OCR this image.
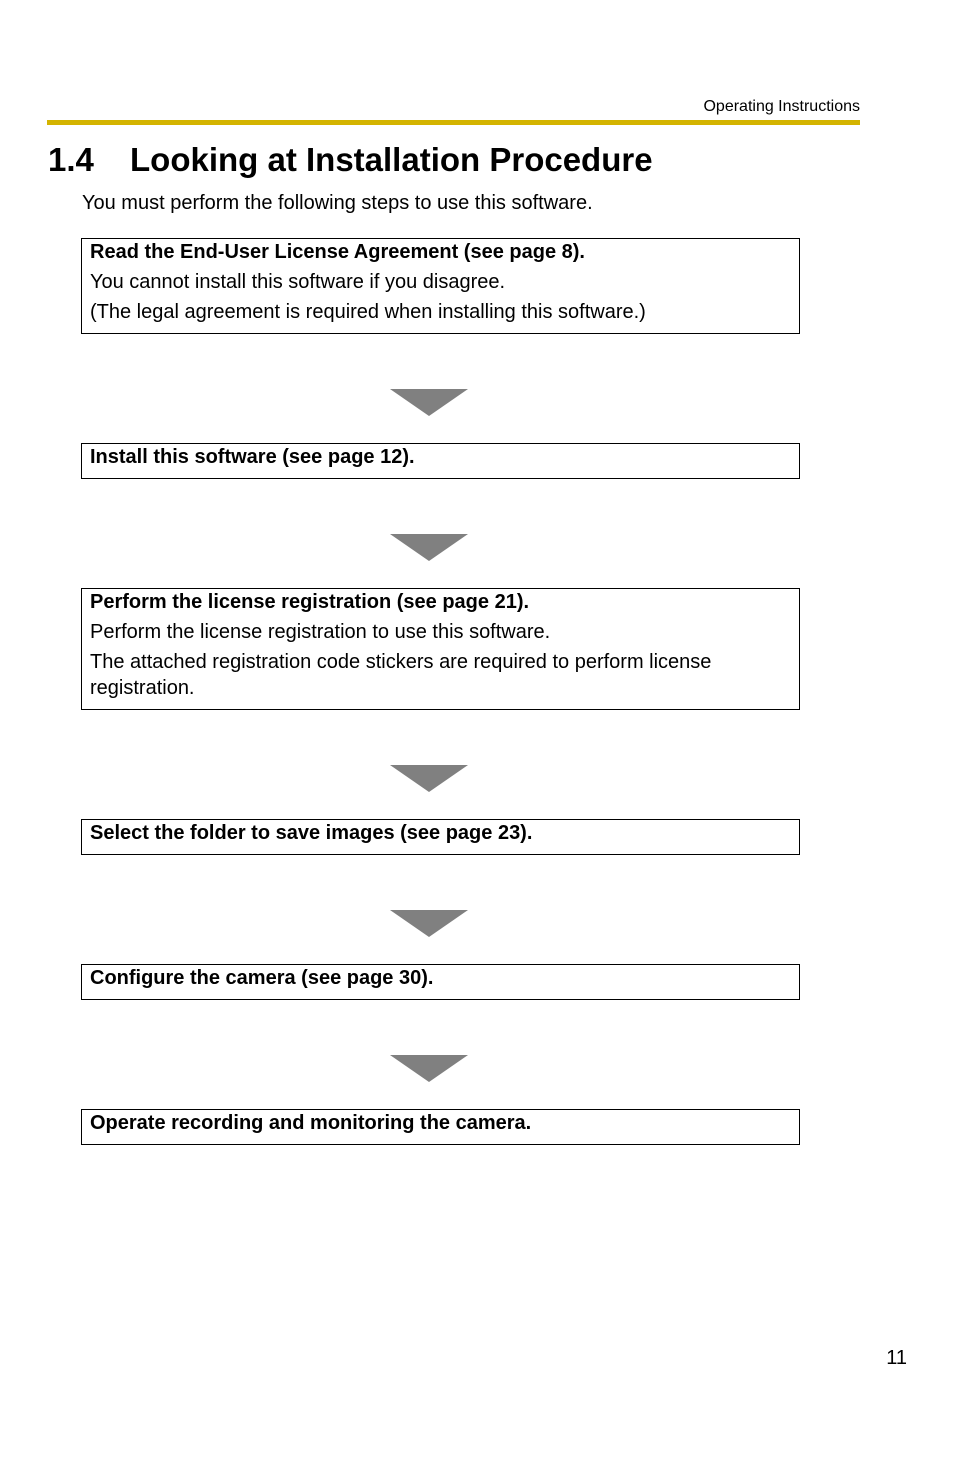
Operating Instructions
1.4 Looking at Installation Procedure
You must perform the following steps to use this software.
Read the End-User License Agreement (see page 8).
You cannot install this software if you disagree.
(The legal agreement is required when installing this software.)
Install this software (see page 12).
Perform the license registration (see page 21).
Perform the license registration to use this software.
The attached registration code stickers are required to perform license registration.
Select the folder to save images (see page 23).
Configure the camera (see page 30).
Operate recording and monitoring the camera.
11
